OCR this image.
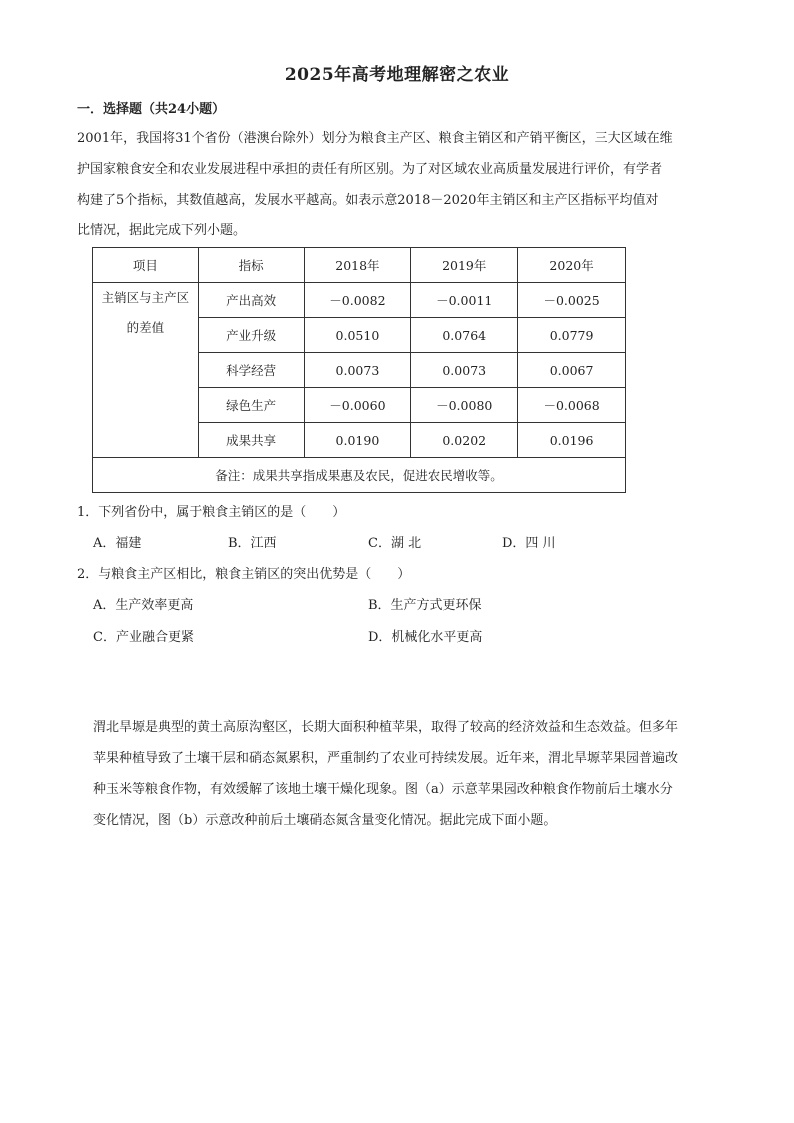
2025年高考地理解密之农业
一．选择题（共24小题）
2001年，我国将31个省份（港澳台除外）划分为粮食主产区、粮食主销区和产销平衡区，三大区域在维
护国家粮食安全和农业发展进程中承担的责任有所区别。为了对区域农业高质量发展进行评价，有学者
构建了5个指标，其数值越高，发展水平越高。如表示意2018－2020年主销区和主产区指标平均值对
比情况，据此完成下列小题。
项目	指标	2018年	2019年	2020年

主销区与主产区
的差值	产出高效	－0.0082	－0.0011	－0.0025
	产业升级	0.0510	0.0764	0.0779
	科学经营	0.0073	0.0073	0.0067
	绿色生产	－0.0060	－0.0080	－0.0068
	成果共享	0.0190	0.0202	0.0196
备注：成果共享指成果惠及农民，促进农民增收等。				
1．下列省份中，属于粮食主销区的是（　　）
A．福建	B．江西	C．湖 北	D．四 川
2．与粮食主产区相比，粮食主销区的突出优势是（　　）
A．生产效率更高	B．生产方式更环保
C．产业融合更紧	D．机械化水平更高
渭北旱塬是典型的黄土高原沟壑区，长期大面积种植苹果，取得了较高的经济效益和生态效益。但多年
苹果种植导致了土壤干层和硝态氮累积，严重制约了农业可持续发展。近年来，渭北旱塬苹果园普遍改
种玉米等粮食作物，有效缓解了该地土壤干燥化现象。图（a）示意苹果园改种粮食作物前后土壤水分
变化情况，图（b）示意改种前后土壤硝态氮含量变化情况。据此完成下面小题。
